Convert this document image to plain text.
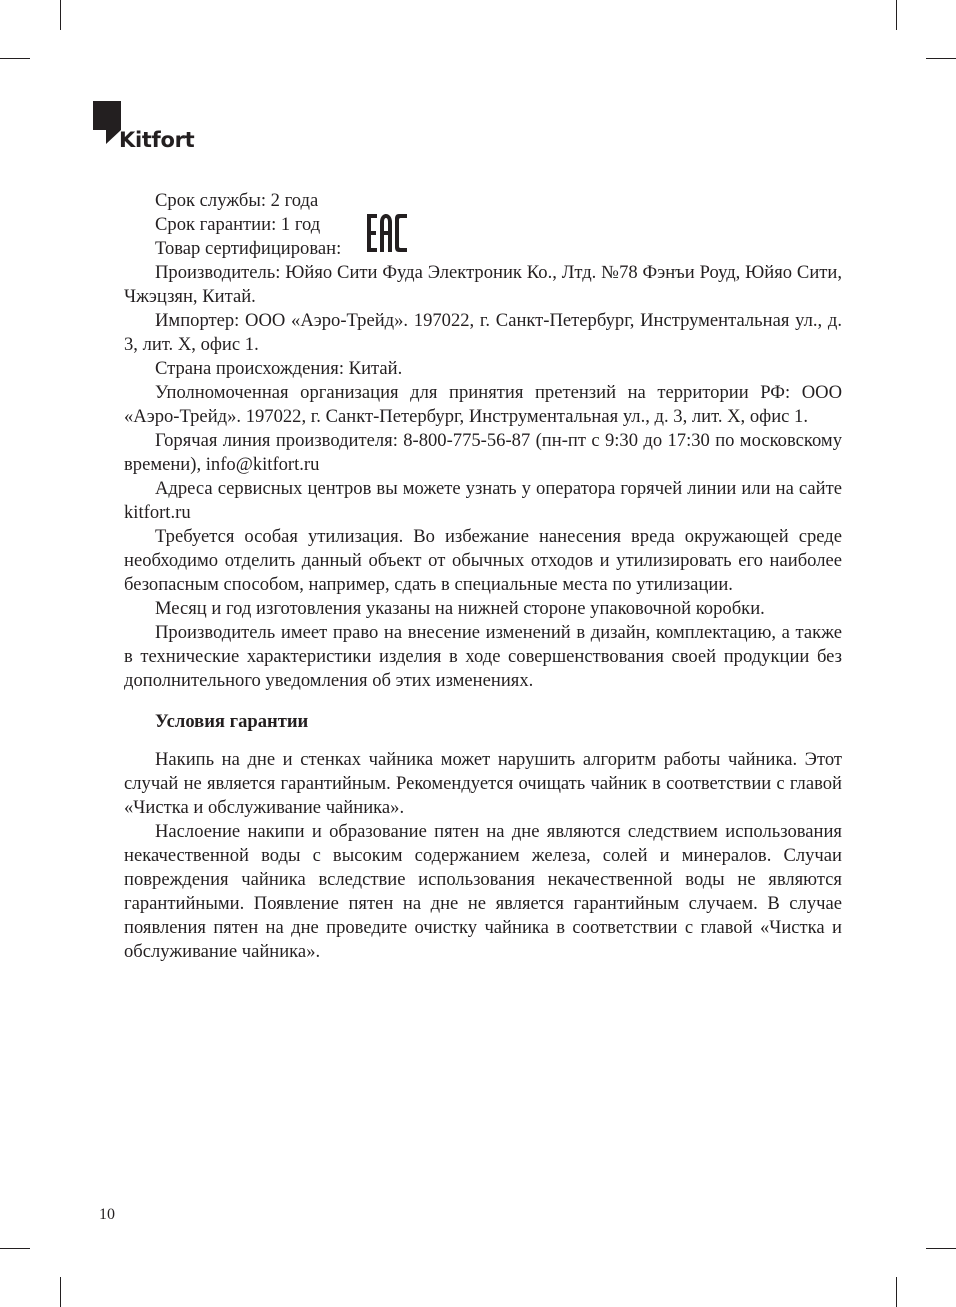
Kitfort

Срок службы: 2 года

Срок гарантии: 1 год

Товар сертифицирован:

Производитель: Юйяо Сити Фуда Электроник Ко., Лтд. №78 Фэнъи Роуд, Юйяо Сити, Чжэцзян, Китай.

Импортер: ООО «Аэро-Трейд». 197022, г. Санкт-Петербург, Инструментальная ул., д. 3, лит. Х, офис 1.

Страна происхождения: Китай.

Уполномоченная организация для принятия претензий на территории РФ: ООО «Аэро-Трейд». 197022, г. Санкт-Петербург, Инструментальная ул., д. 3, лит. Х, офис 1.

Горячая линия производителя: 8-800-775-56-87 (пн-пт с 9:30 до 17:30 по московскому времени), info@kitfort.ru

Адреса сервисных центров вы можете узнать у оператора горячей линии или на сайте kitfort.ru

Требуется особая утилизация. Во избежание нанесения вреда окружающей среде необходимо отделить данный объект от обычных отходов и утилизировать его наиболее безопасным способом, например, сдать в специальные места по утилизации.

Месяц и год изготовления указаны на нижней стороне упаковочной коробки.

Производитель имеет право на внесение изменений в дизайн, комплектацию, а также в технические характеристики изделия в ходе совершенствования своей продукции без дополнительного уведомления об этих изменениях.

Условия гарантии

Накипь на дне и стенках чайника может нарушить алгоритм работы чайника. Этот случай не является гарантийным. Рекомендуется очищать чайник в соответствии с главой «Чистка и обслуживание чайника».

Наслоение накипи и образование пятен на дне являются следствием использования некачественной воды с высоким содержанием железа, солей и минералов. Случаи повреждения чайника вследствие использования некачественной воды не являются гарантийными. Появление пятен на дне не является гарантийным случаем. В случае появления пятен на дне проведите очистку чайника в соответствии с главой «Чистка и обслуживание чайника».

10
